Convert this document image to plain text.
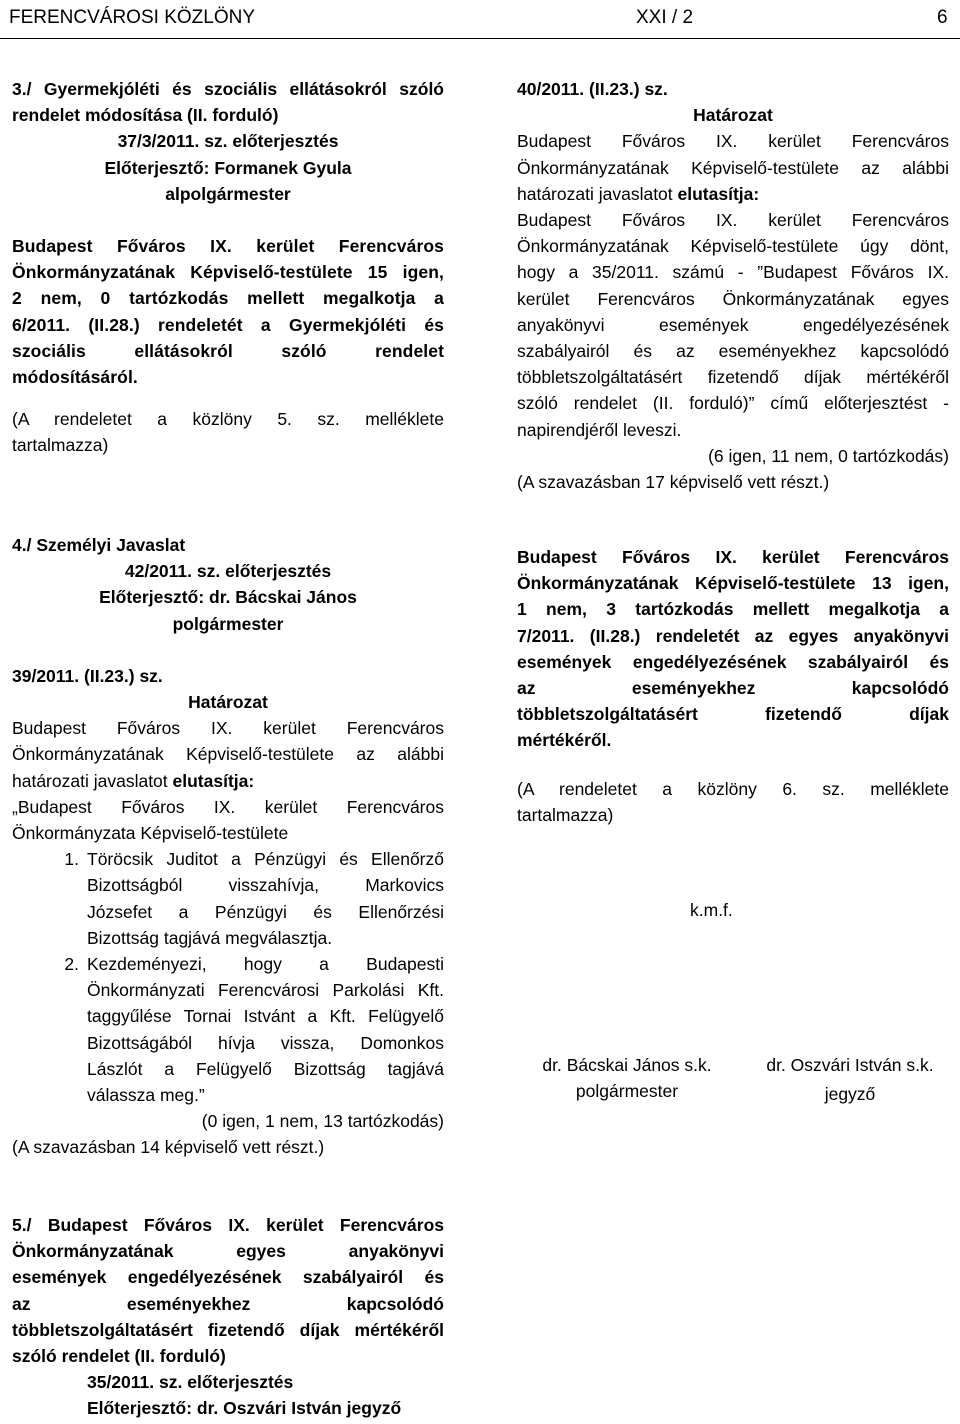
FERENCVÁROSI KÖZLÖNY	XXI / 2	6

3./ Gyermekjóléti és szociális ellátásokról szóló

rendelet módosítása (II. forduló)

37/3/2011. sz. előterjesztés

Előterjesztő: Formanek Gyula

alpolgármester

Budapest Főváros IX. kerület Ferencváros

Önkormányzatának Képviselő-testülete 15 igen,

2 nem, 0 tartózkodás mellett megalkotja a

6/2011. (II.28.) rendeletét a Gyermekjóléti és

szociális ellátásokról szóló rendelet

módosításáról.

(A rendeletet a közlöny 5. sz. melléklete

tartalmazza)

40/2011. (II.23.) sz.

Határozat

Budapest Főváros IX. kerület Ferencváros

Önkormányzatának Képviselő-testülete az alábbi

határozati javaslatot elutasítja:

Budapest Főváros IX. kerület Ferencváros

Önkormányzatának Képviselő-testülete úgy dönt,

hogy a 35/2011. számú - ”Budapest Főváros IX.

kerület Ferencváros Önkormányzatának egyes

anyakönyvi események engedélyezésének

szabályairól és az eseményekhez kapcsolódó

többletszolgáltatásért fizetendő díjak mértékéről

szóló rendelet (II. forduló)” című előterjesztést -

napirendjéről leveszi.

(6 igen, 11 nem, 0 tartózkodás)

(A szavazásban 17 képviselő vett részt.)

4./ Személyi Javaslat

42/2011. sz. előterjesztés

Előterjesztő: dr. Bácskai János

polgármester

39/2011. (II.23.) sz.

Határozat

Budapest Főváros IX. kerület Ferencváros

Önkormányzatának Képviselő-testülete az alábbi

határozati javaslatot elutasítja:

„Budapest Főváros IX. kerület Ferencváros

Önkormányzata Képviselő-testülete

1. Töröcsik Juditot a Pénzügyi és Ellenőrző

Bizottságból visszahívja, Markovics

Józsefet a Pénzügyi és Ellenőrzési

Bizottság tagjává megválasztja.

2. Kezdeményezi, hogy a Budapesti

Önkormányzati Ferencvárosi Parkolási Kft.

taggyűlése Tornai Istvánt a Kft. Felügyelő

Bizottságából hívja vissza, Domonkos

Lászlót a Felügyelő Bizottság tagjává

válassza meg.”

(0 igen, 1 nem, 13 tartózkodás)

(A szavazásban 14 képviselő vett részt.)

Budapest Főváros IX. kerület Ferencváros

Önkormányzatának Képviselő-testülete 13 igen,

1 nem, 3 tartózkodás mellett megalkotja a

7/2011. (II.28.) rendeletét az egyes anyakönyvi

események engedélyezésének szabályairól és

az eseményekhez kapcsolódó

többletszolgáltatásért fizetendő díjak

mértékéről.

(A rendeletet a közlöny 6. sz. melléklete

tartalmazza)

k.m.f.
dr. Bácskai János s.k.
polgármester
dr. Oszvári István s.k.
jegyző

5./ Budapest Főváros IX. kerület Ferencváros

Önkormányzatának egyes anyakönyvi

események engedélyezésének szabályairól és

az eseményekhez kapcsolódó

többletszolgáltatásért fizetendő díjak mértékéről

szóló rendelet (II. forduló)

35/2011. sz. előterjesztés

Előterjesztő: dr. Oszvári István jegyző
